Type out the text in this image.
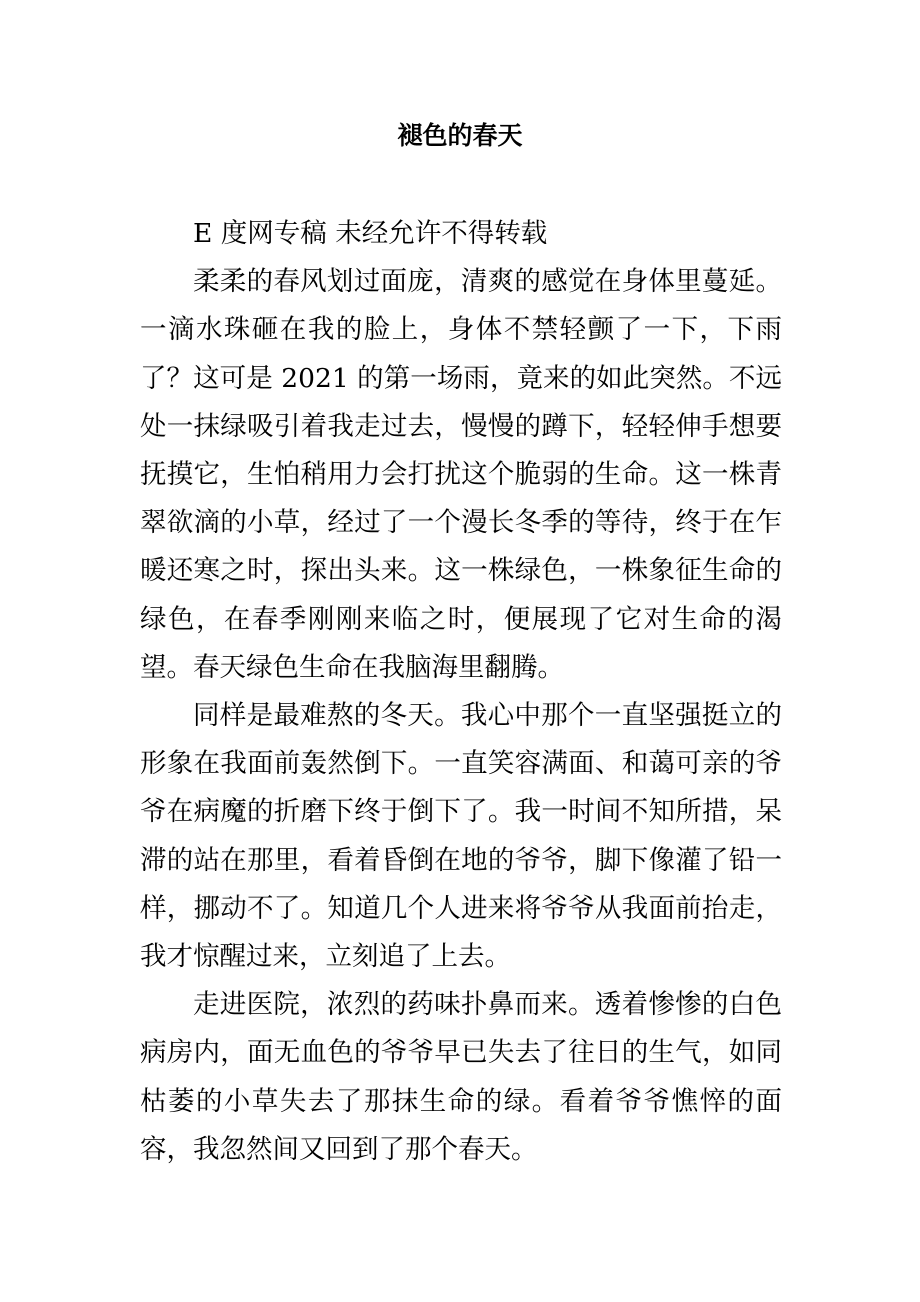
褪色的春天

E 度网专稿 未经允许不得转载

柔柔的春风划过面庞，清爽的感觉在身体里蔓延。一滴水珠砸在我的脸上，身体不禁轻颤了一下，下雨了？这可是 2021 的第一场雨，竟来的如此突然。不远处一抹绿吸引着我走过去，慢慢的蹲下，轻轻伸手想要抚摸它，生怕稍用力会打扰这个脆弱的生命。这一株青翠欲滴的小草，经过了一个漫长冬季的等待，终于在乍暖还寒之时，探出头来。这一株绿色，一株象征生命的绿色，在春季刚刚来临之时，便展现了它对生命的渴望。春天绿色生命在我脑海里翻腾。

同样是最难熬的冬天。我心中那个一直坚强挺立的形象在我面前轰然倒下。一直笑容满面、和蔼可亲的爷爷在病魔的折磨下终于倒下了。我一时间不知所措，呆滞的站在那里，看着昏倒在地的爷爷，脚下像灌了铅一样，挪动不了。知道几个人进来将爷爷从我面前抬走，我才惊醒过来，立刻追了上去。

走进医院，浓烈的药味扑鼻而来。透着惨惨的白色病房内，面无血色的爷爷早已失去了往日的生气，如同枯萎的小草失去了那抹生命的绿。看着爷爷憔悴的面容，我忽然间又回到了那个春天。
